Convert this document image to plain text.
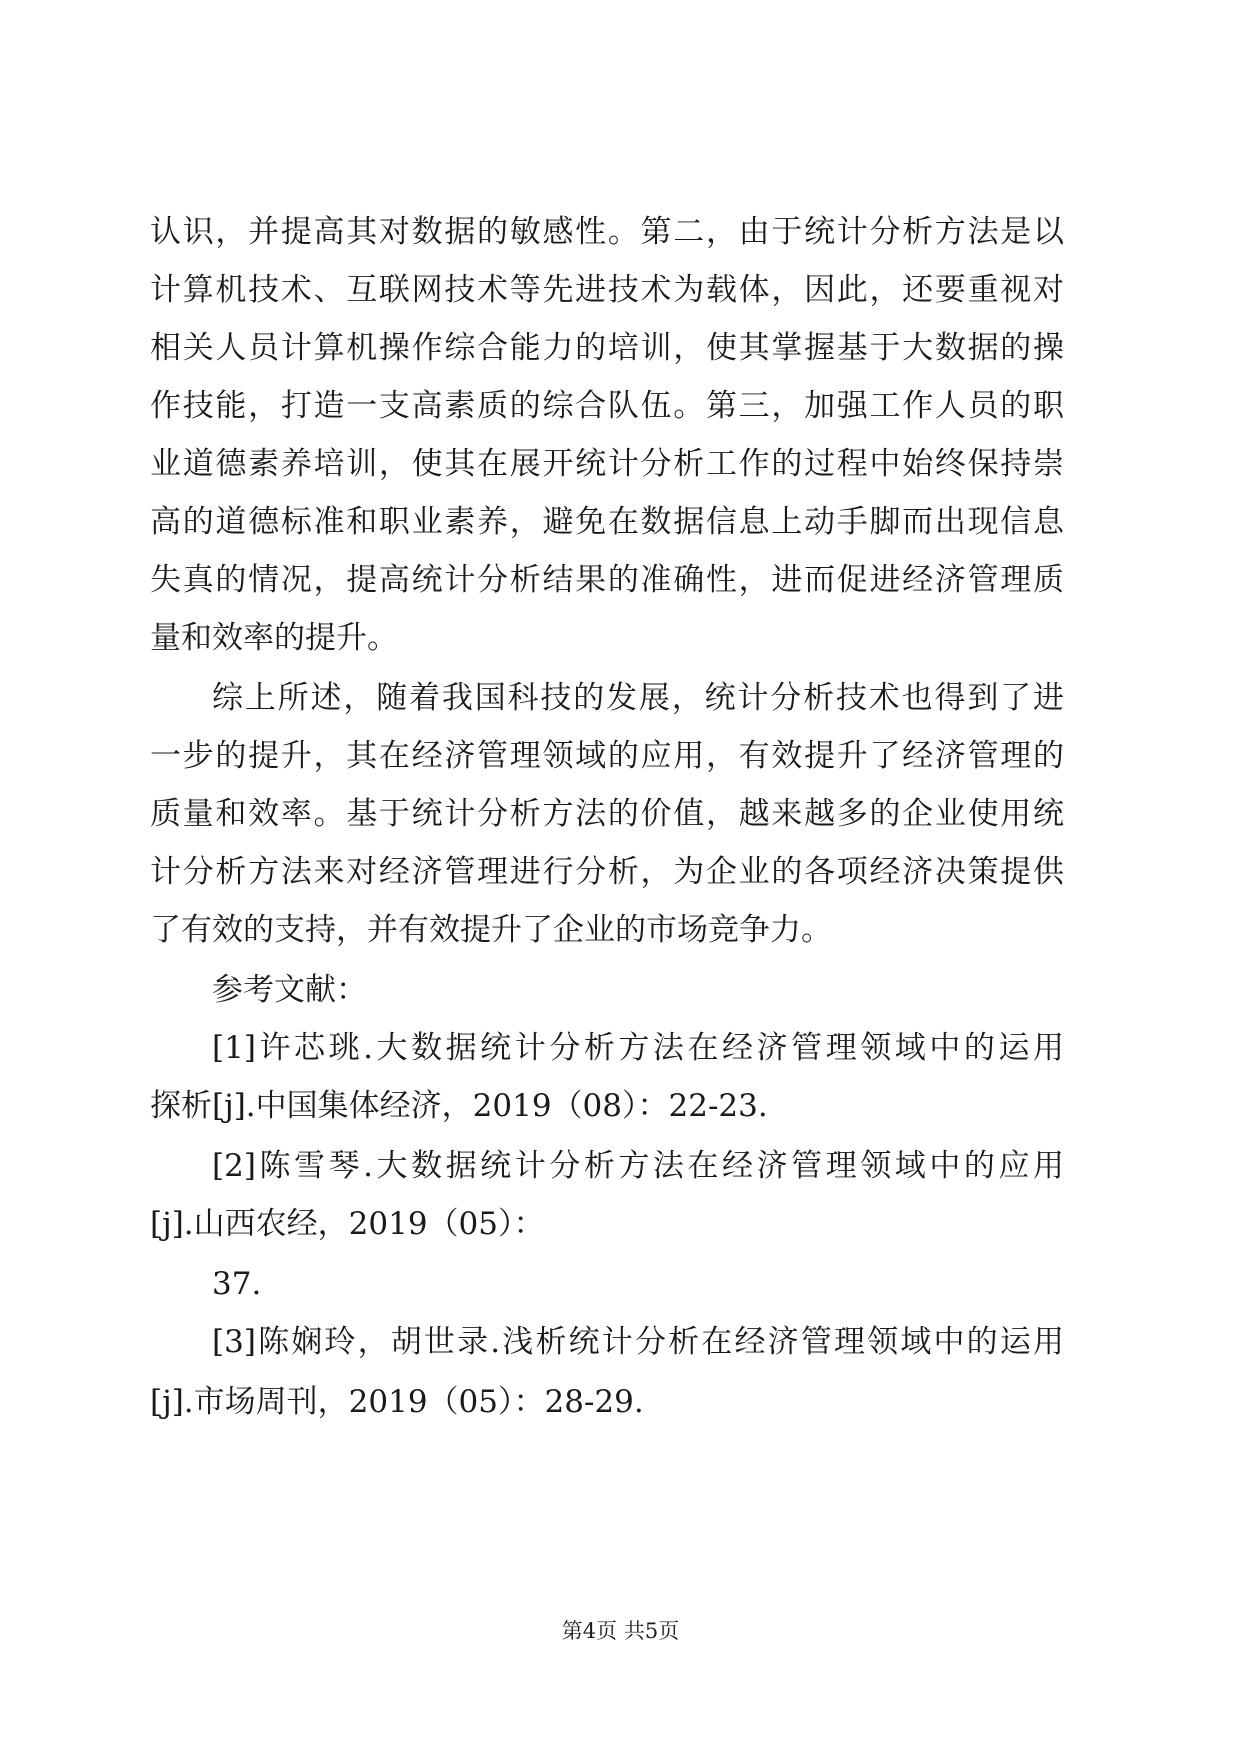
认识，并提高其对数据的敏感性。第二，由于统计分析方法是以

计算机技术、互联网技术等先进技术为载体，因此，还要重视对

相关人员计算机操作综合能力的培训，使其掌握基于大数据的操

作技能，打造一支高素质的综合队伍。第三，加强工作人员的职

业道德素养培训，使其在展开统计分析工作的过程中始终保持崇

高的道德标准和职业素养，避免在数据信息上动手脚而出现信息

失真的情况，提高统计分析结果的准确性，进而促进经济管理质

量和效率的提升。

综上所述，随着我国科技的发展，统计分析技术也得到了进

一步的提升，其在经济管理领域的应用，有效提升了经济管理的

质量和效率。基于统计分析方法的价值，越来越多的企业使用统

计分析方法来对经济管理进行分析，为企业的各项经济决策提供

了有效的支持，并有效提升了企业的市场竞争力。

参考文献：

[1]许芯珧.大数据统计分析方法在经济管理领域中的运用

探析[j].中国集体经济，2019（08）：22-23.

[2]陈雪琴.大数据统计分析方法在经济管理领域中的应用

[j].山西农经，2019（05）：

37.

[3]陈娴玲，胡世录.浅析统计分析在经济管理领域中的运用

[j].市场周刊，2019（05）：28-29.

第4页 共5页
